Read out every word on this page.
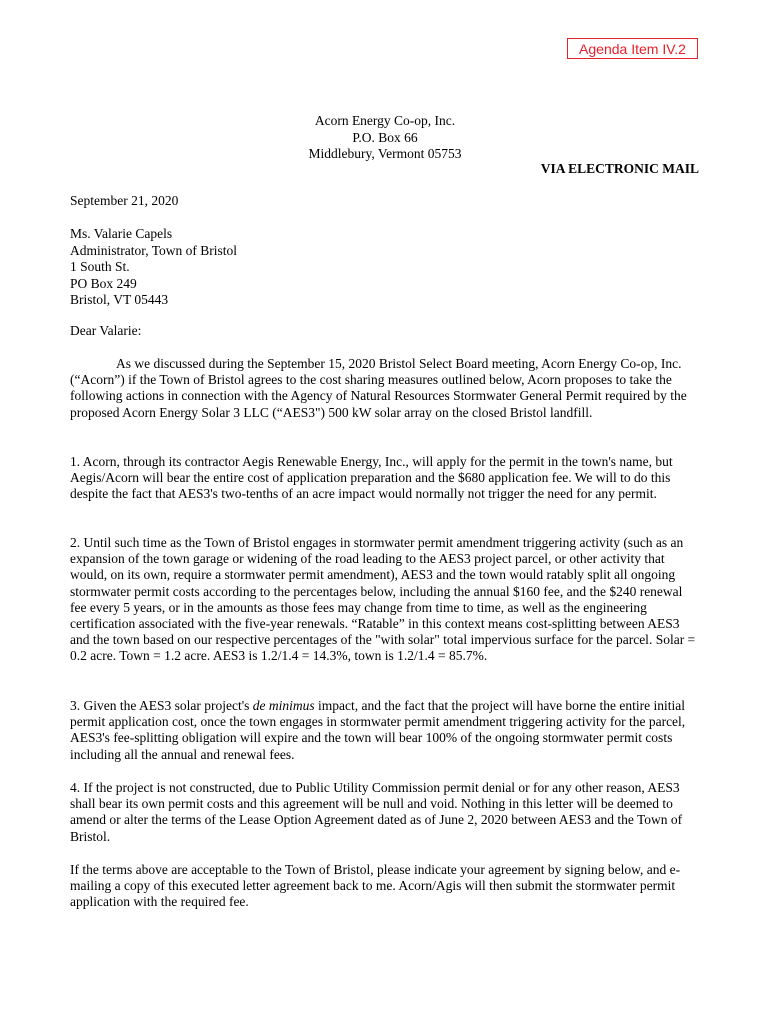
Agenda Item IV.2
Acorn Energy Co-op, Inc.
P.O. Box 66
Middlebury, Vermont 05753
VIA ELECTRONIC MAIL
September 21, 2020
Ms. Valarie Capels
Administrator, Town of Bristol
1 South St.
PO Box 249
Bristol, VT 05443
Dear Valarie:
As we discussed during the September 15, 2020 Bristol Select Board meeting, Acorn Energy Co-op, Inc. (“Acorn”) if the Town of Bristol agrees to the cost sharing measures outlined below, Acorn proposes to take the following actions in connection with the Agency of Natural Resources Stormwater General Permit required by the proposed Acorn Energy Solar 3 LLC (“AES3") 500 kW solar array on the closed Bristol landfill.
1. Acorn, through its contractor Aegis Renewable Energy, Inc., will apply for the permit in the town's name, but Aegis/Acorn will bear the entire cost of application preparation and the $680 application fee. We will to do this despite the fact that AES3's two-tenths of an acre impact would normally not trigger the need for any permit.
2. Until such time as the Town of Bristol engages in stormwater permit amendment triggering activity (such as an expansion of the town garage or widening of the road leading to the AES3 project parcel, or other activity that would, on its own, require a stormwater permit amendment), AES3 and the town would ratably split all ongoing stormwater permit costs according to the percentages below, including the annual $160 fee, and the $240 renewal fee every 5 years, or in the amounts as those fees may change from time to time, as well as the engineering certification associated with the five-year renewals. “Ratable” in this context means cost-splitting between AES3 and the town based on our respective percentages of the "with solar" total impervious surface for the parcel. Solar = 0.2 acre. Town = 1.2 acre. AES3 is 1.2/1.4 = 14.3%, town is 1.2/1.4 = 85.7%.
3. Given the AES3 solar project's de minimus impact, and the fact that the project will have borne the entire initial permit application cost, once the town engages in stormwater permit amendment triggering activity for the parcel, AES3's fee-splitting obligation will expire and the town will bear 100% of the ongoing stormwater permit costs including all the annual and renewal fees.
4. If the project is not constructed, due to Public Utility Commission permit denial or for any other reason, AES3 shall bear its own permit costs and this agreement will be null and void. Nothing in this letter will be deemed to amend or alter the terms of the Lease Option Agreement dated as of June 2, 2020 between AES3 and the Town of Bristol.
If the terms above are acceptable to the Town of Bristol, please indicate your agreement by signing below, and e-mailing a copy of this executed letter agreement back to me. Acorn/Agis will then submit the stormwater permit application with the required fee.
